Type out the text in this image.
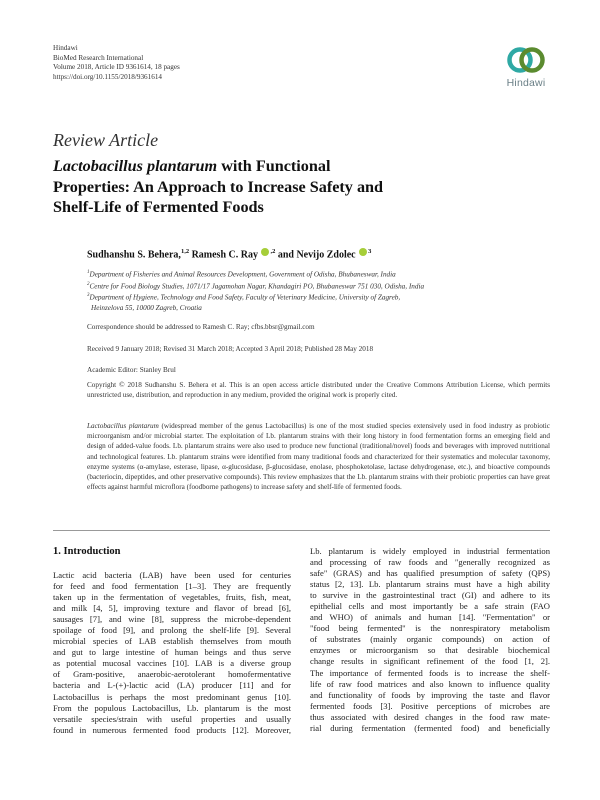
Hindawi
BioMed Research International
Volume 2018, Article ID 9361614, 18 pages
https://doi.org/10.1155/2018/9361614
Hindawi
Review Article
Lactobacillus plantarum with Functional
Properties: An Approach to Increase Safety and
Shelf-Life of Fermented Foods
Sudhanshu S. Behera,$^{1,2}$ Ramesh C. Ray $^{,2}$ and Nevijo Zdolec $^3$
$^1$Department of Fisheries and Animal Resources Development, Government of Odisha, Bhubaneswar, India
$^2$Centre for Food Biology Studies, 1071/17 Jagamohan Nagar, Khandagiri PO, Bhubaneswar 751 030, Odisha, India
$^3$Department of Hygiene, Technology and Food Safety, Faculty of Veterinary Medicine, University of Zagreb,
Heinzelova 55, 10000 Zagreb, Croatia
Correspondence should be addressed to Ramesh C. Ray; cfbs.bbsr@gmail.com
Received 9 January 2018; Revised 31 March 2018; Accepted 3 April 2018; Published 28 May 2018
Academic Editor: Stanley Brul
Copyright © 2018 Sudhanshu S. Behera et al. This is an open access article distributed under the Creative Commons Attribution License, which permits unrestricted use, distribution, and reproduction in any medium, provided the original work is properly cited.
Lactobacillus plantarum (widespread member of the genus Lactobacillus) is one of the most studied species extensively used in food industry as probiotic microorganism and/or microbial starter. The exploitation of Lb. plantarum strains with their long history in food fermentation forms an emerging field and design of added-value foods. Lb. plantarum strains were also used to produce new functional (traditional/novel) foods and beverages with improved nutritional and technological features. Lb. plantarum strains were identified from many traditional foods and characterized for their systematics and molecular taxonomy, enzyme systems (α-amylase, esterase, lipase, α-glucosidase, β-glucosidase, enolase, phosphoketolase, lactase dehydrogenase, etc.), and bioactive compounds (bacteriocin, dipeptides, and other preservative compounds). This review emphasizes that the Lb. plantarum strains with their probiotic properties can have great effects against harmful microflora (foodborne pathogens) to increase safety and shelf-life of fermented foods.
1. Introduction
Lactic acid bacteria (LAB) have been used for centuries
for feed and food fermentation [1–3]. They are frequently
taken up in the fermentation of vegetables, fruits, fish, meat,
and milk [4, 5], improving texture and flavor of bread [6],
sausages [7], and wine [8], suppress the microbe-dependent
spoilage of food [9], and prolong the shelf-life [9]. Several
microbial species of LAB establish themselves from mouth
and gut to large intestine of human beings and thus serve
as potential mucosal vaccines [10]. LAB is a diverse group
of Gram-positive, anaerobic-aerotolerant homofermentative
bacteria and L-(+)-lactic acid (LA) producer [11] and for
Lactobacillus is perhaps the most predominant genus [10].
From the populous Lactobacillus, Lb. plantarum is the most
versatile species/strain with useful properties and usually
found in numerous fermented food products [12]. Moreover,
Lb. plantarum is widely employed in industrial fermentation
and processing of raw foods and "generally recognized as
safe" (GRAS) and has qualified presumption of safety (QPS)
status [2, 13]. Lb. plantarum strains must have a high ability
to survive in the gastrointestinal tract (GI) and adhere to its
epithelial cells and most importantly be a safe strain (FAO
and WHO) of animals and human [14]. "Fermentation" or
"food being fermented" is the nonrespiratory metabolism
of substrates (mainly organic compounds) on action of
enzymes or microorganism so that desirable biochemical
change results in significant refinement of the food [1, 2].
The importance of fermented foods is to increase the shelf-
life of raw food matrices and also known to influence quality
and functionality of foods by improving the taste and flavor
fermented foods [3]. Positive perceptions of microbes are
thus associated with desired changes in the food raw mate-
rial during fermentation (fermented food) and beneficially
